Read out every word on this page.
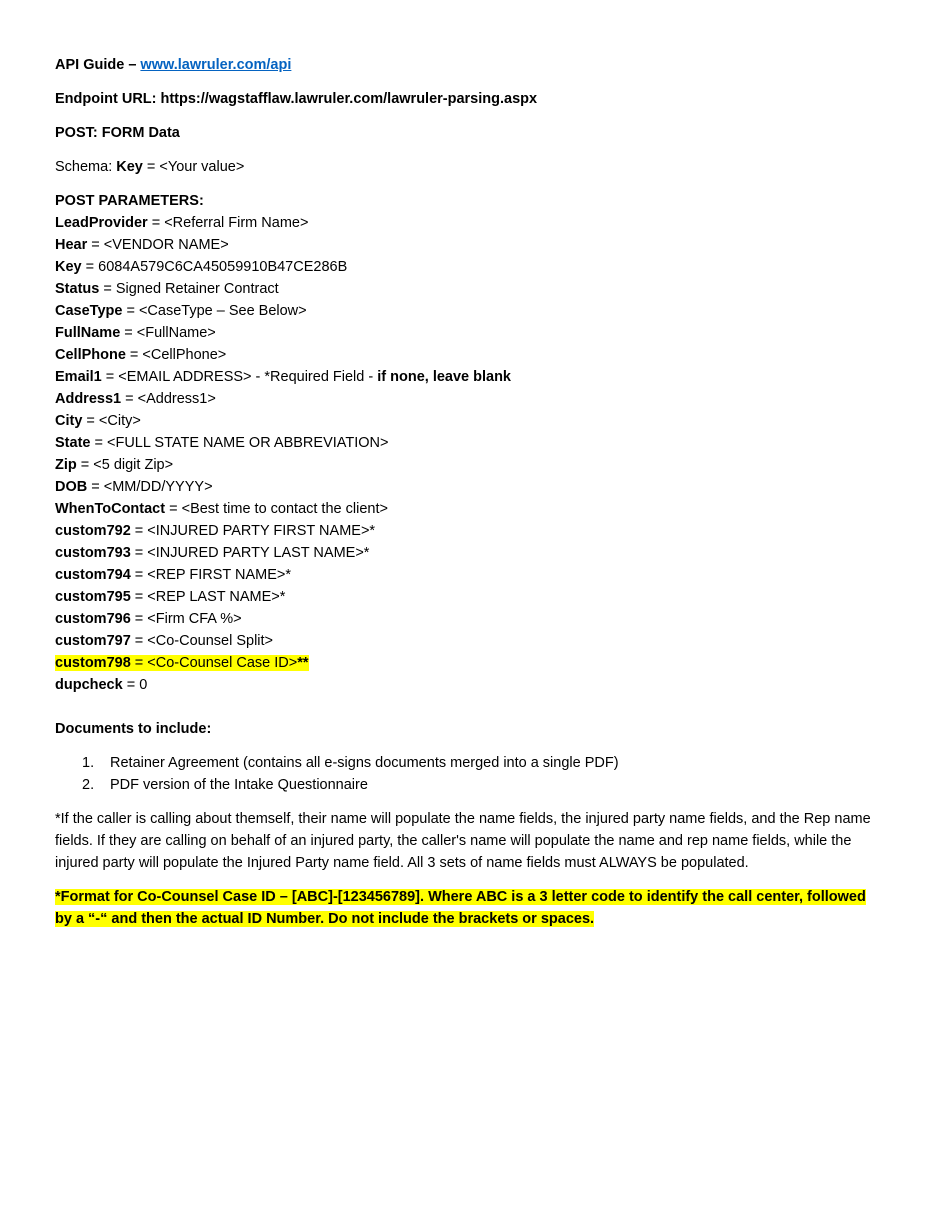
API Guide – www.lawruler.com/api
Endpoint URL: https://wagstafflaw.lawruler.com/lawruler-parsing.aspx
POST: FORM Data
Schema: Key = <Your value>
POST PARAMETERS:
LeadProvider = <Referral Firm Name>
Hear = <VENDOR NAME>
Key = 6084A579C6CA45059910B47CE286B
Status = Signed Retainer Contract
CaseType = <CaseType – See Below>
FullName = <FullName>
CellPhone = <CellPhone>
Email1 = <EMAIL ADDRESS> - *Required Field - if none, leave blank
Address1 = <Address1>
City = <City>
State = <FULL STATE NAME OR ABBREVIATION>
Zip = <5 digit Zip>
DOB = <MM/DD/YYYY>
WhenToContact = <Best time to contact the client>
custom792 = <INJURED PARTY FIRST NAME>*
custom793 = <INJURED PARTY LAST NAME>*
custom794 = <REP FIRST NAME>*
custom795 = <REP LAST NAME>*
custom796 = <Firm CFA %>
custom797 = <Co-Counsel Split>
custom798 = <Co-Counsel Case ID>**
dupcheck = 0
Documents to include:
1. Retainer Agreement (contains all e-signs documents merged into a single PDF)
2. PDF version of the Intake Questionnaire
*If the caller is calling about themself, their name will populate the name fields, the injured party name fields, and the Rep name fields. If they are calling on behalf of an injured party, the caller's name will populate the name and rep name fields, while the injured party will populate the Injured Party name field. All 3 sets of name fields must ALWAYS be populated.
*Format for Co-Counsel Case ID – [ABC]-[123456789]. Where ABC is a 3 letter code to identify the call center, followed by a “-“ and then the actual ID Number. Do not include the brackets or spaces.
